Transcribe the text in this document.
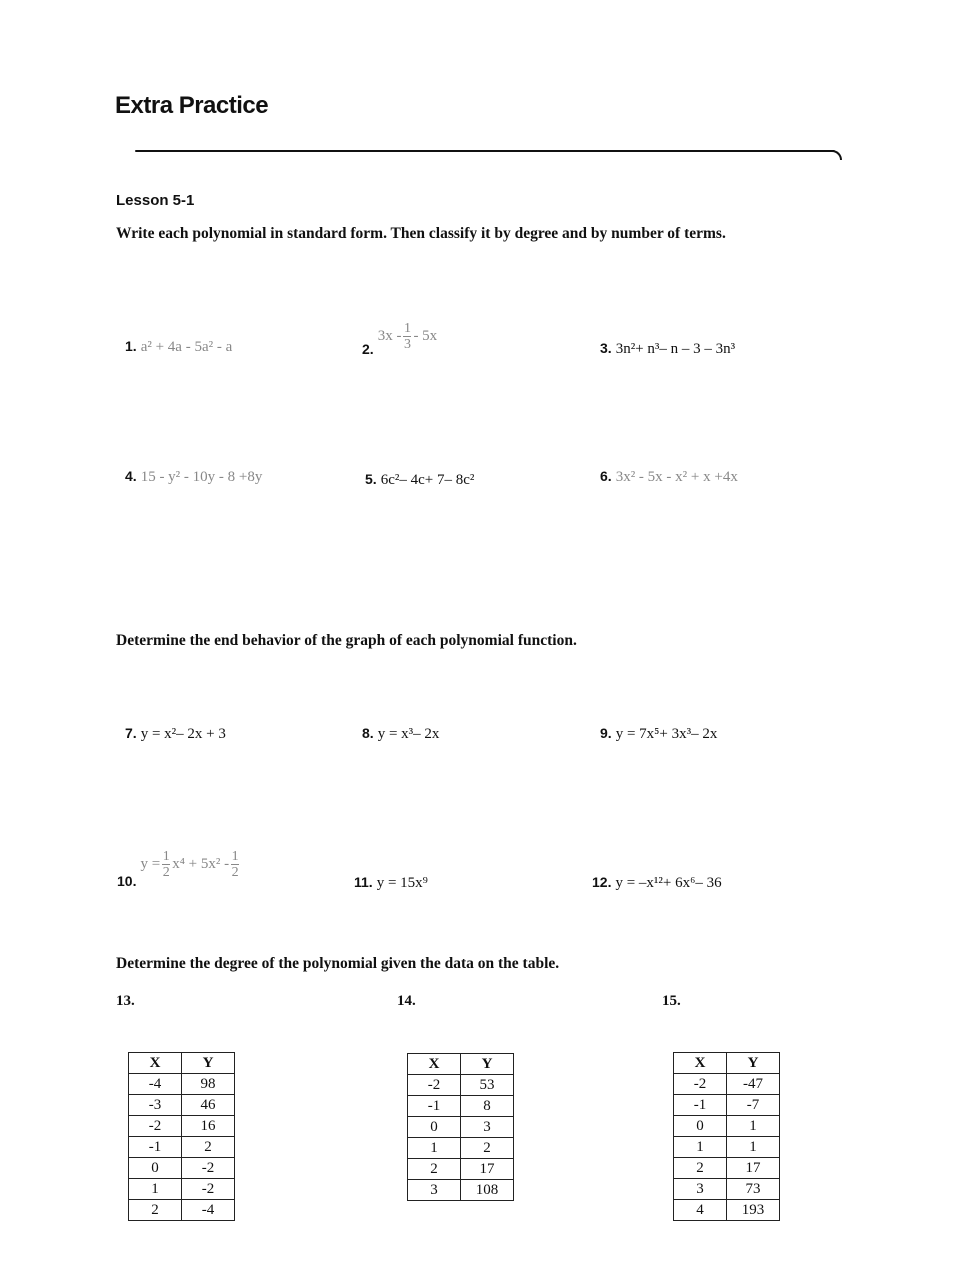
Extra Practice
Lesson 5-1
Write each polynomial in standard form. Then classify it by degree and by number of terms.
1. a² + 4a - 5a² - a	2. $3x - \frac{1}{3} - 5x$
3. 3n²+ n³– n – 3 – 3n³
4. 15 - y² - 10y - 8 +8y	5. 6c²– 4c+ 7– 8c²	6. 3x² - 5x - x² + x +4x
Determine the end behavior of the graph of each polynomial function.
7. y = x²– 2x + 3	8. y = x³– 2x	9. y = 7x⁵+ 3x³– 2x
10. $y = \frac{1}{2} x^4 + 5x^2 - \frac{1}{2}$
11. y = 15x⁹	12. y = –x¹²+ 6x⁶– 36
Determine the degree of the polynomial given the data on the table.
13.	14.	15.
X	Y
-4	98
-3	46
-2	16
-1	2
0	-2
1	-2
2	-4
X	Y
-2	53
-1	8
0	3
1	2
2	17
3	108
X	Y
-2	-47
-1	-7
0	1
1	1
2	17
3	73
4	193
